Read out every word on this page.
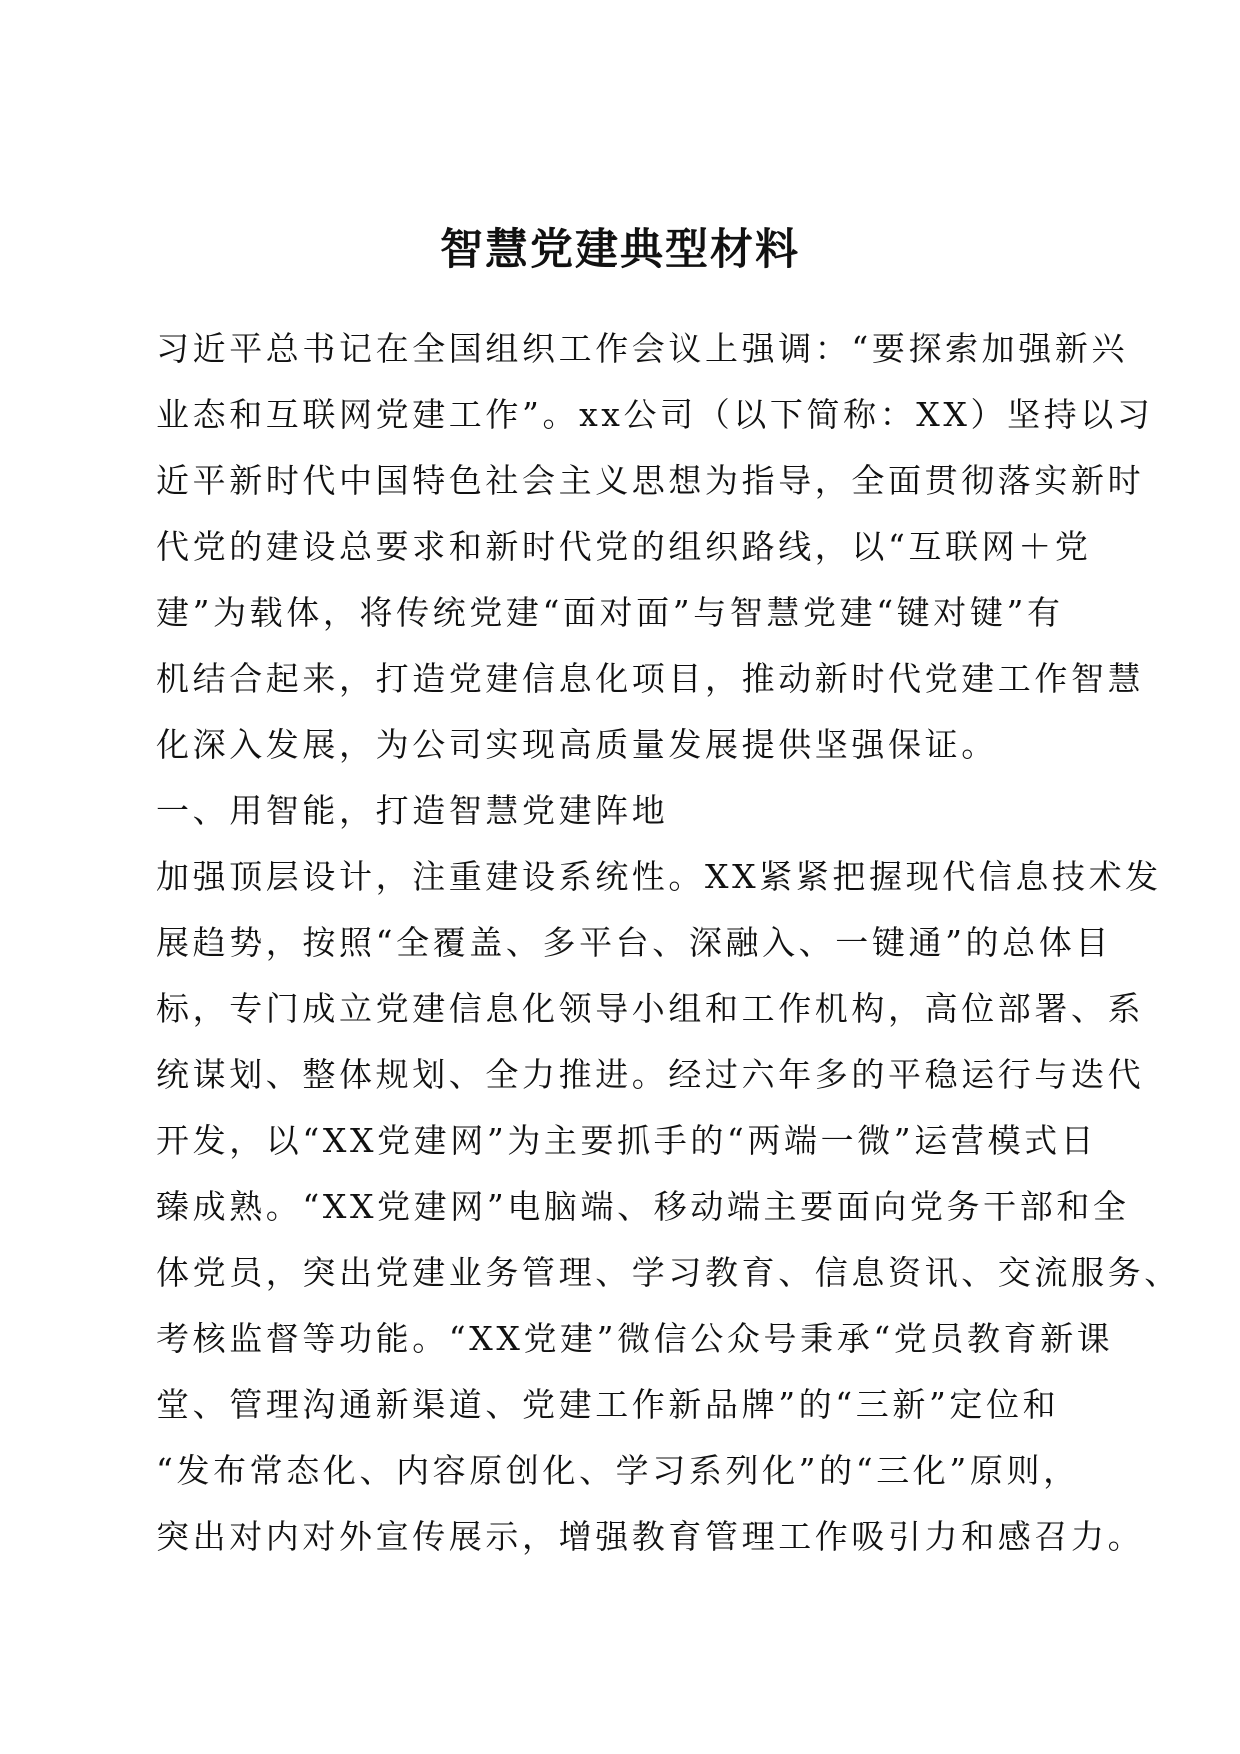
智慧党建典型材料
习近平总书记在全国组织工作会议上强调：“要探索加强新兴
业态和互联网党建工作”。xx公司（以下简称：XX）坚持以习
近平新时代中国特色社会主义思想为指导，全面贯彻落实新时
代党的建设总要求和新时代党的组织路线，以“互联网＋党
建”为载体，将传统党建“面对面”与智慧党建“键对键”有
机结合起来，打造党建信息化项目，推动新时代党建工作智慧
化深入发展，为公司实现高质量发展提供坚强保证。
一、用智能，打造智慧党建阵地
加强顶层设计，注重建设系统性。XX紧紧把握现代信息技术发
展趋势，按照“全覆盖、多平台、深融入、一键通”的总体目
标，专门成立党建信息化领导小组和工作机构，高位部署、系
统谋划、整体规划、全力推进。经过六年多的平稳运行与迭代
开发，以“XX党建网”为主要抓手的“两端一微”运营模式日
臻成熟。“XX党建网”电脑端、移动端主要面向党务干部和全
体党员，突出党建业务管理、学习教育、信息资讯、交流服务、
考核监督等功能。“XX党建”微信公众号秉承“党员教育新课
堂、管理沟通新渠道、党建工作新品牌”的“三新”定位和
“发布常态化、内容原创化、学习系列化”的“三化”原则，
突出对内对外宣传展示，增强教育管理工作吸引力和感召力。
